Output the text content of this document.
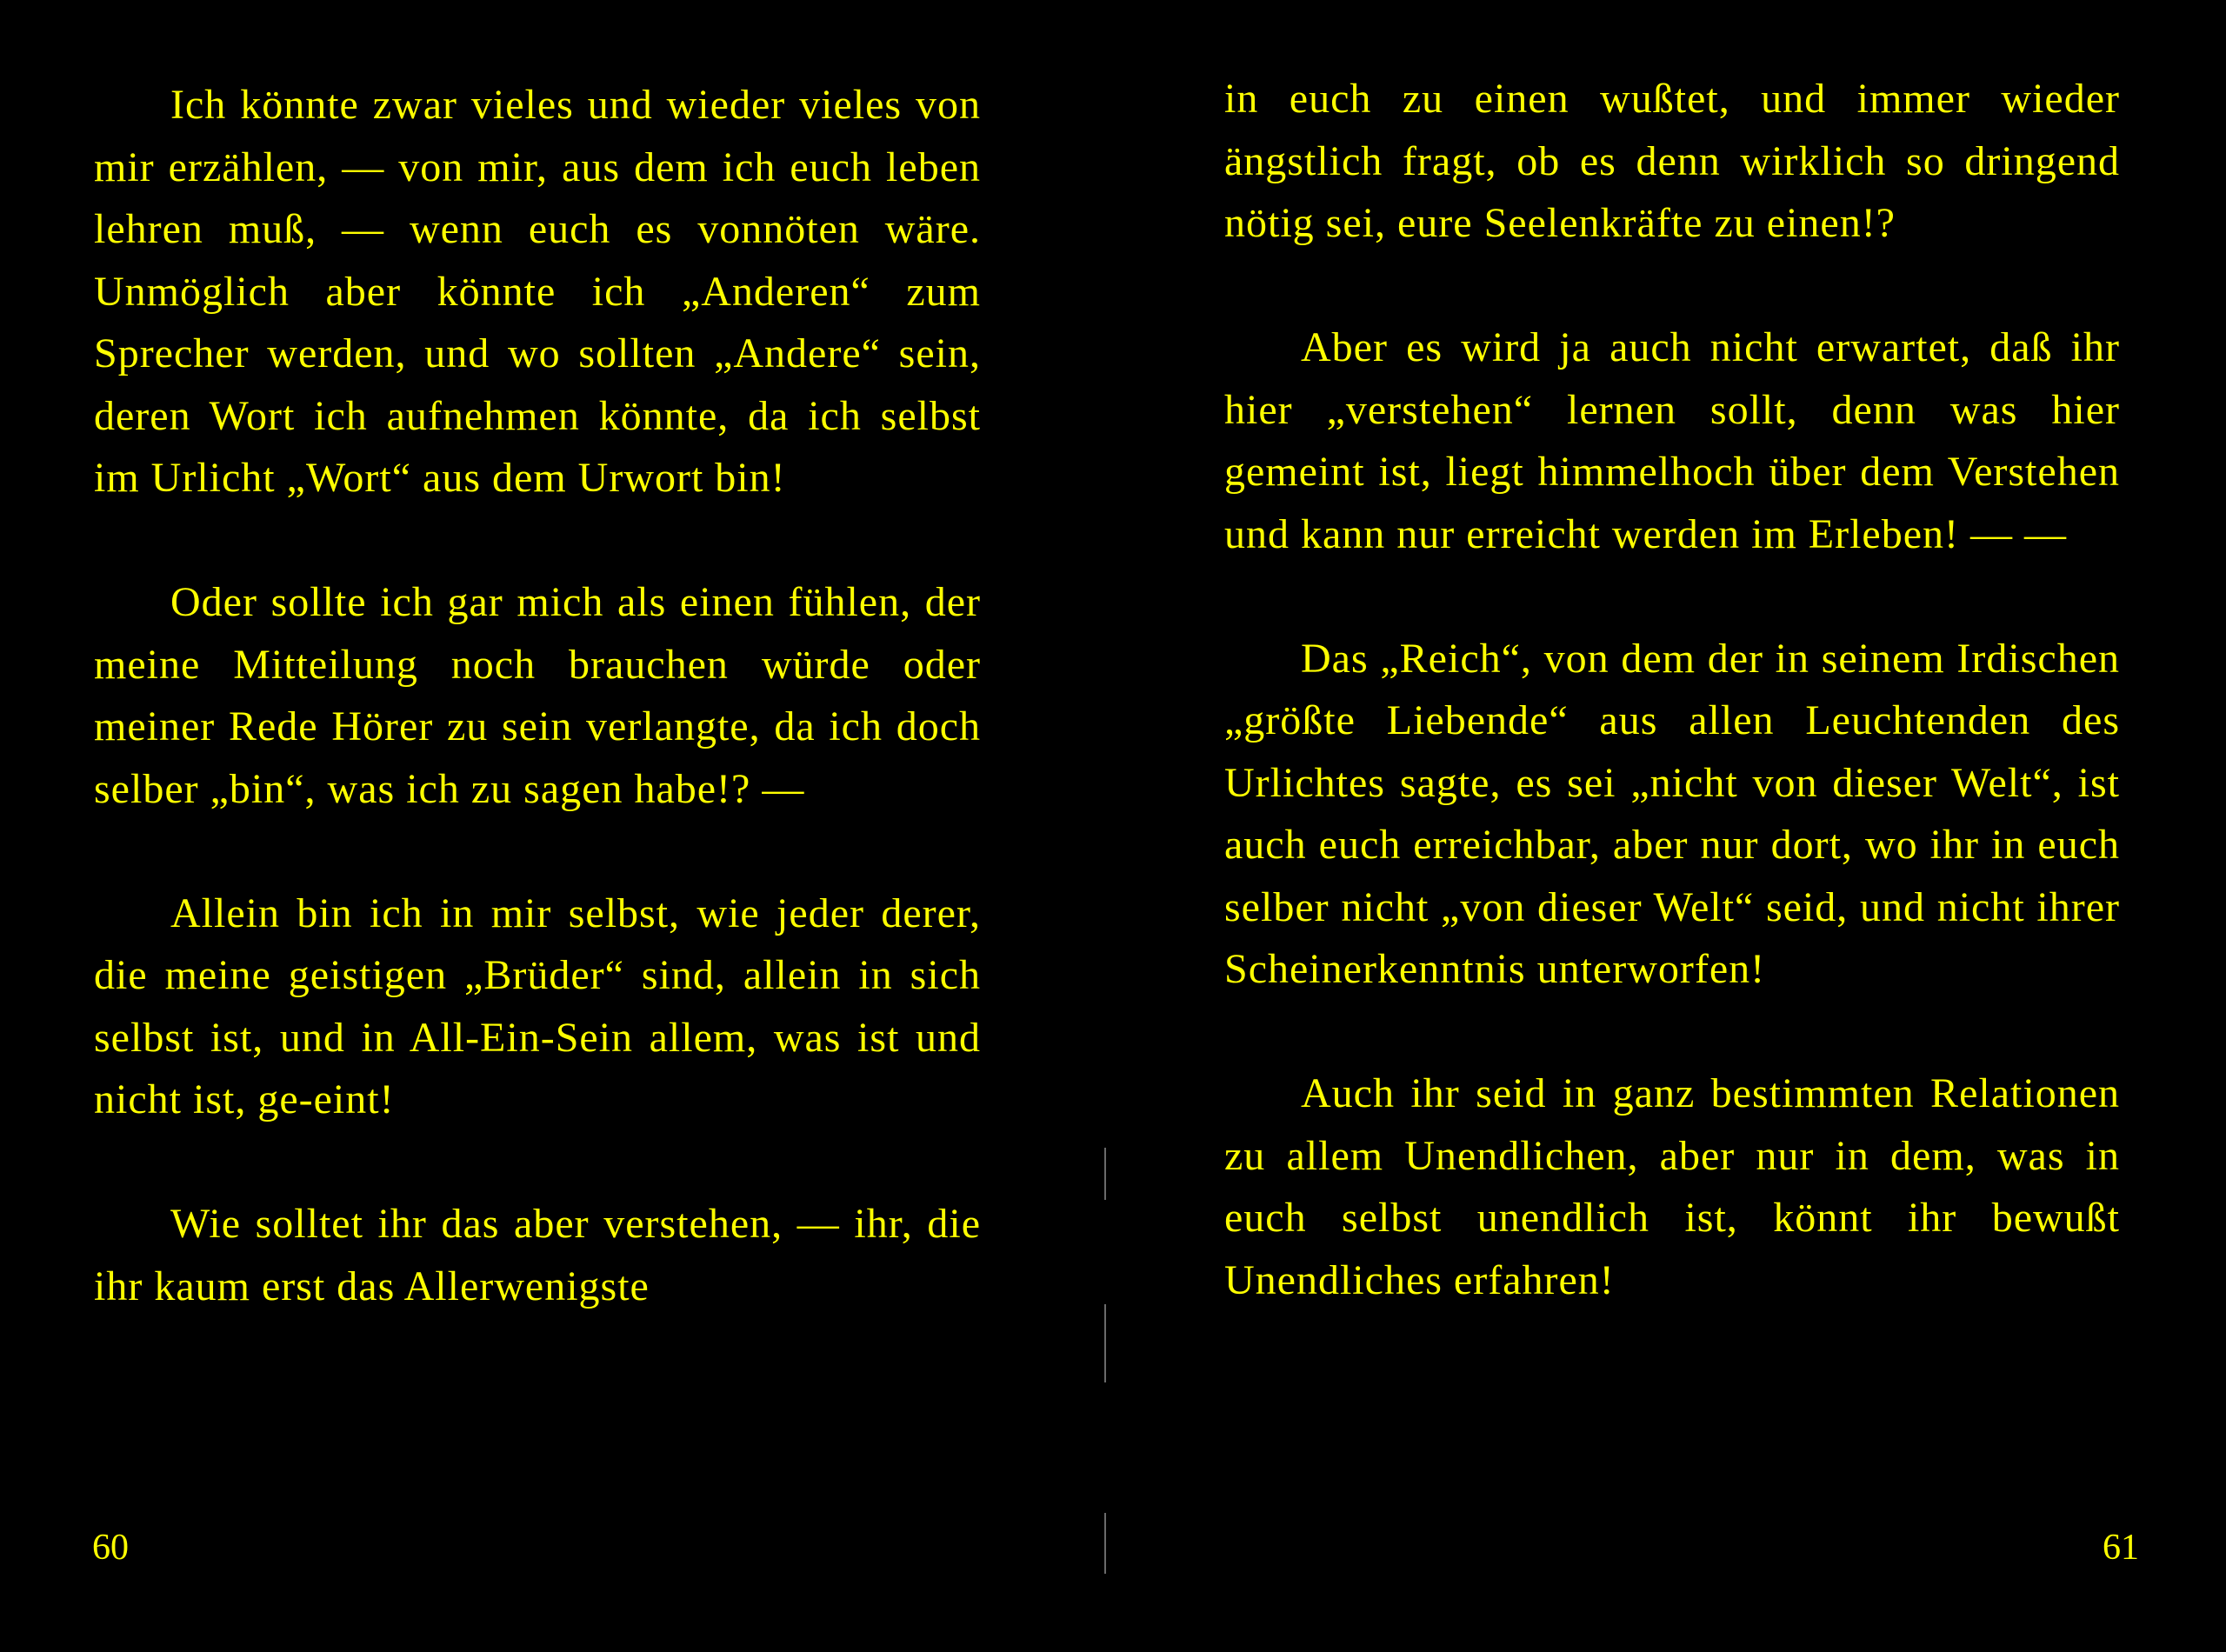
Ich könnte zwar vieles und wieder vieles von mir erzählen, — von mir, aus dem ich euch leben lehren muß, — wenn euch es vonnöten wäre. Unmöglich aber könnte ich „Anderen“ zum Sprecher werden, und wo sollten „Andere“ sein, deren Wort ich aufnehmen könnte, da ich selbst im Urlicht „Wort“ aus dem Urwort bin!

Oder sollte ich gar mich als einen fühlen, der meine Mitteilung noch brauchen würde oder meiner Rede Hörer zu sein verlangte, da ich doch selber „bin“, was ich zu sagen habe!? —

Allein bin ich in mir selbst, wie jeder derer, die meine geistigen „Brüder“ sind, allein in sich selbst ist, und in All-Ein-Sein allem, was ist und nicht ist, ge-eint!

Wie solltet ihr das aber verstehen, — ihr, die ihr kaum erst das Allerwenigste

60

in euch zu einen wußtet, und immer wieder ängstlich fragt, ob es denn wirklich so dringend nötig sei, eure Seelenkräfte zu einen!?

Aber es wird ja auch nicht erwartet, daß ihr hier „verstehen“ lernen sollt, denn was hier gemeint ist, liegt himmelhoch über dem Verstehen und kann nur erreicht werden im Erleben! — —

Das „Reich“, von dem der in seinem Irdischen „größte Liebende“ aus allen Leuchtenden des Urlichtes sagte, es sei „nicht von dieser Welt“, ist auch euch erreichbar, aber nur dort, wo ihr in euch selber nicht „von dieser Welt“ seid, und nicht ihrer Scheinerkenntnis unterworfen!

Auch ihr seid in ganz bestimmten Relationen zu allem Unendlichen, aber nur in dem, was in euch selbst unendlich ist, könnt ihr bewußt Unendliches erfahren!

61
